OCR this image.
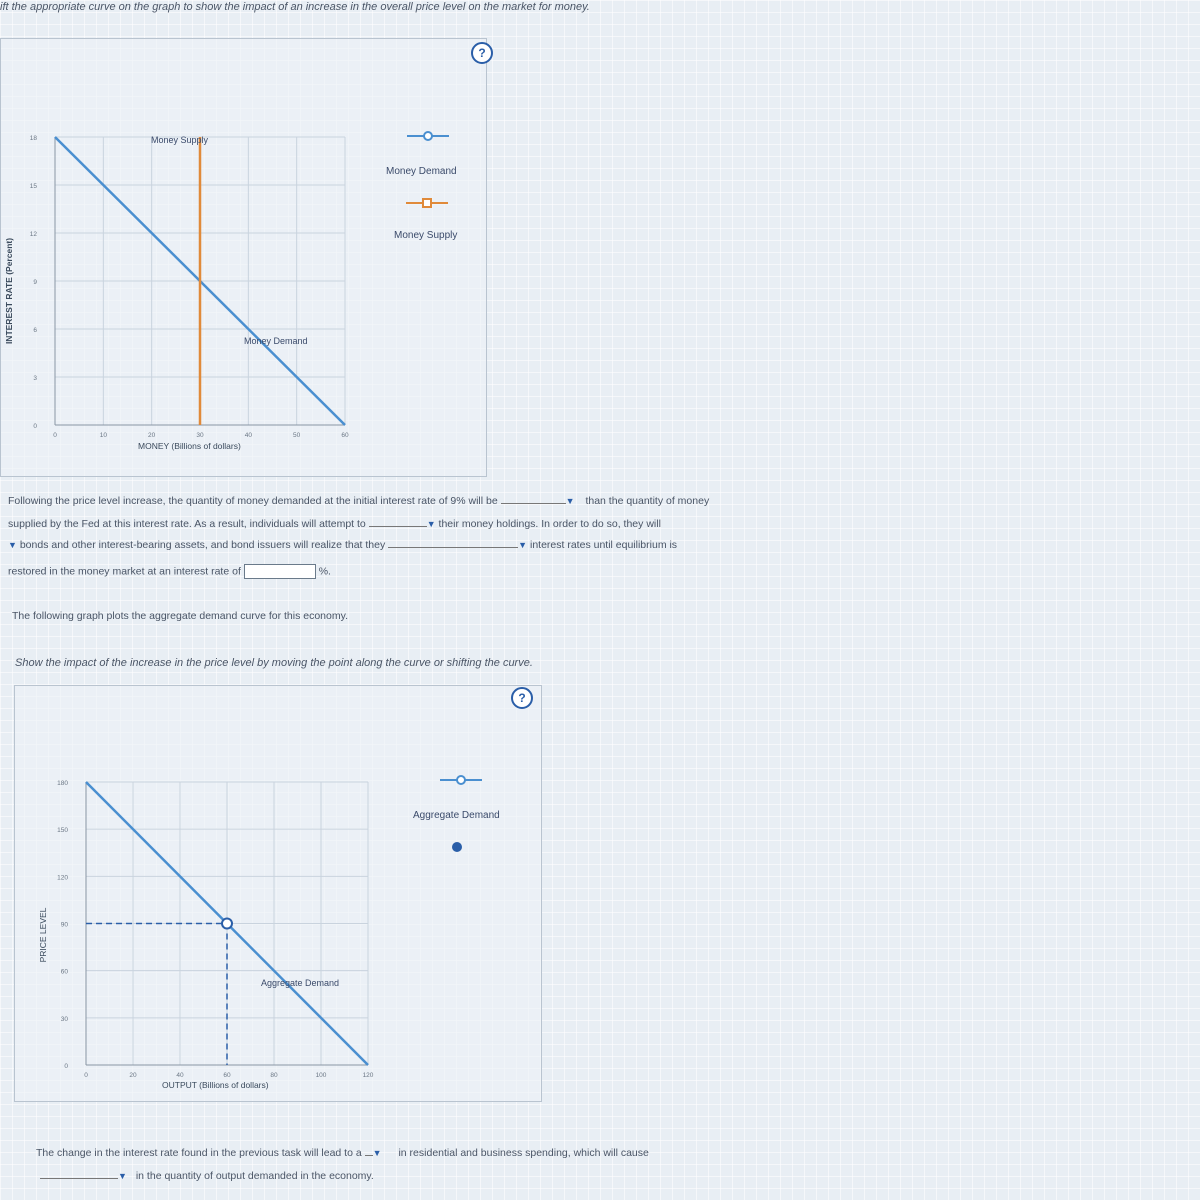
ift the appropriate curve on the graph to show the impact of an increase in the overall price level on the market for money.
?
INTEREST RATE (Percent)
18
15
12
9
6
3
0
0	10	20	30	40	50	60
Money Supply
Money Demand
MONEY (Billions of dollars)
Money Demand
Money Supply
Following the price level increase, the quantity of money demanded at the initial interest rate of 9% will be	▼ than the quantity of money
supplied by the Fed at this interest rate. As a result, individuals will attempt to	▼ their money holdings. In order to do so, they will
▼ bonds and other interest-bearing assets, and bond issuers will realize that they	▼ interest rates until equilibrium is
restored in the money market at an interest rate of	%.
The following graph plots the aggregate demand curve for this economy.
Show the impact of the increase in the price level by moving the point along the curve or shifting the curve.
?
PRICE LEVEL
180
150
120
90
60
30
0
0	20	40	60	80	100	120
Aggregate Demand
OUTPUT (Billions of dollars)
Aggregate Demand
The change in the interest rate found in the previous task will lead to a ▼ in residential and business spending, which will cause
▼ in the quantity of output demanded in the economy.
